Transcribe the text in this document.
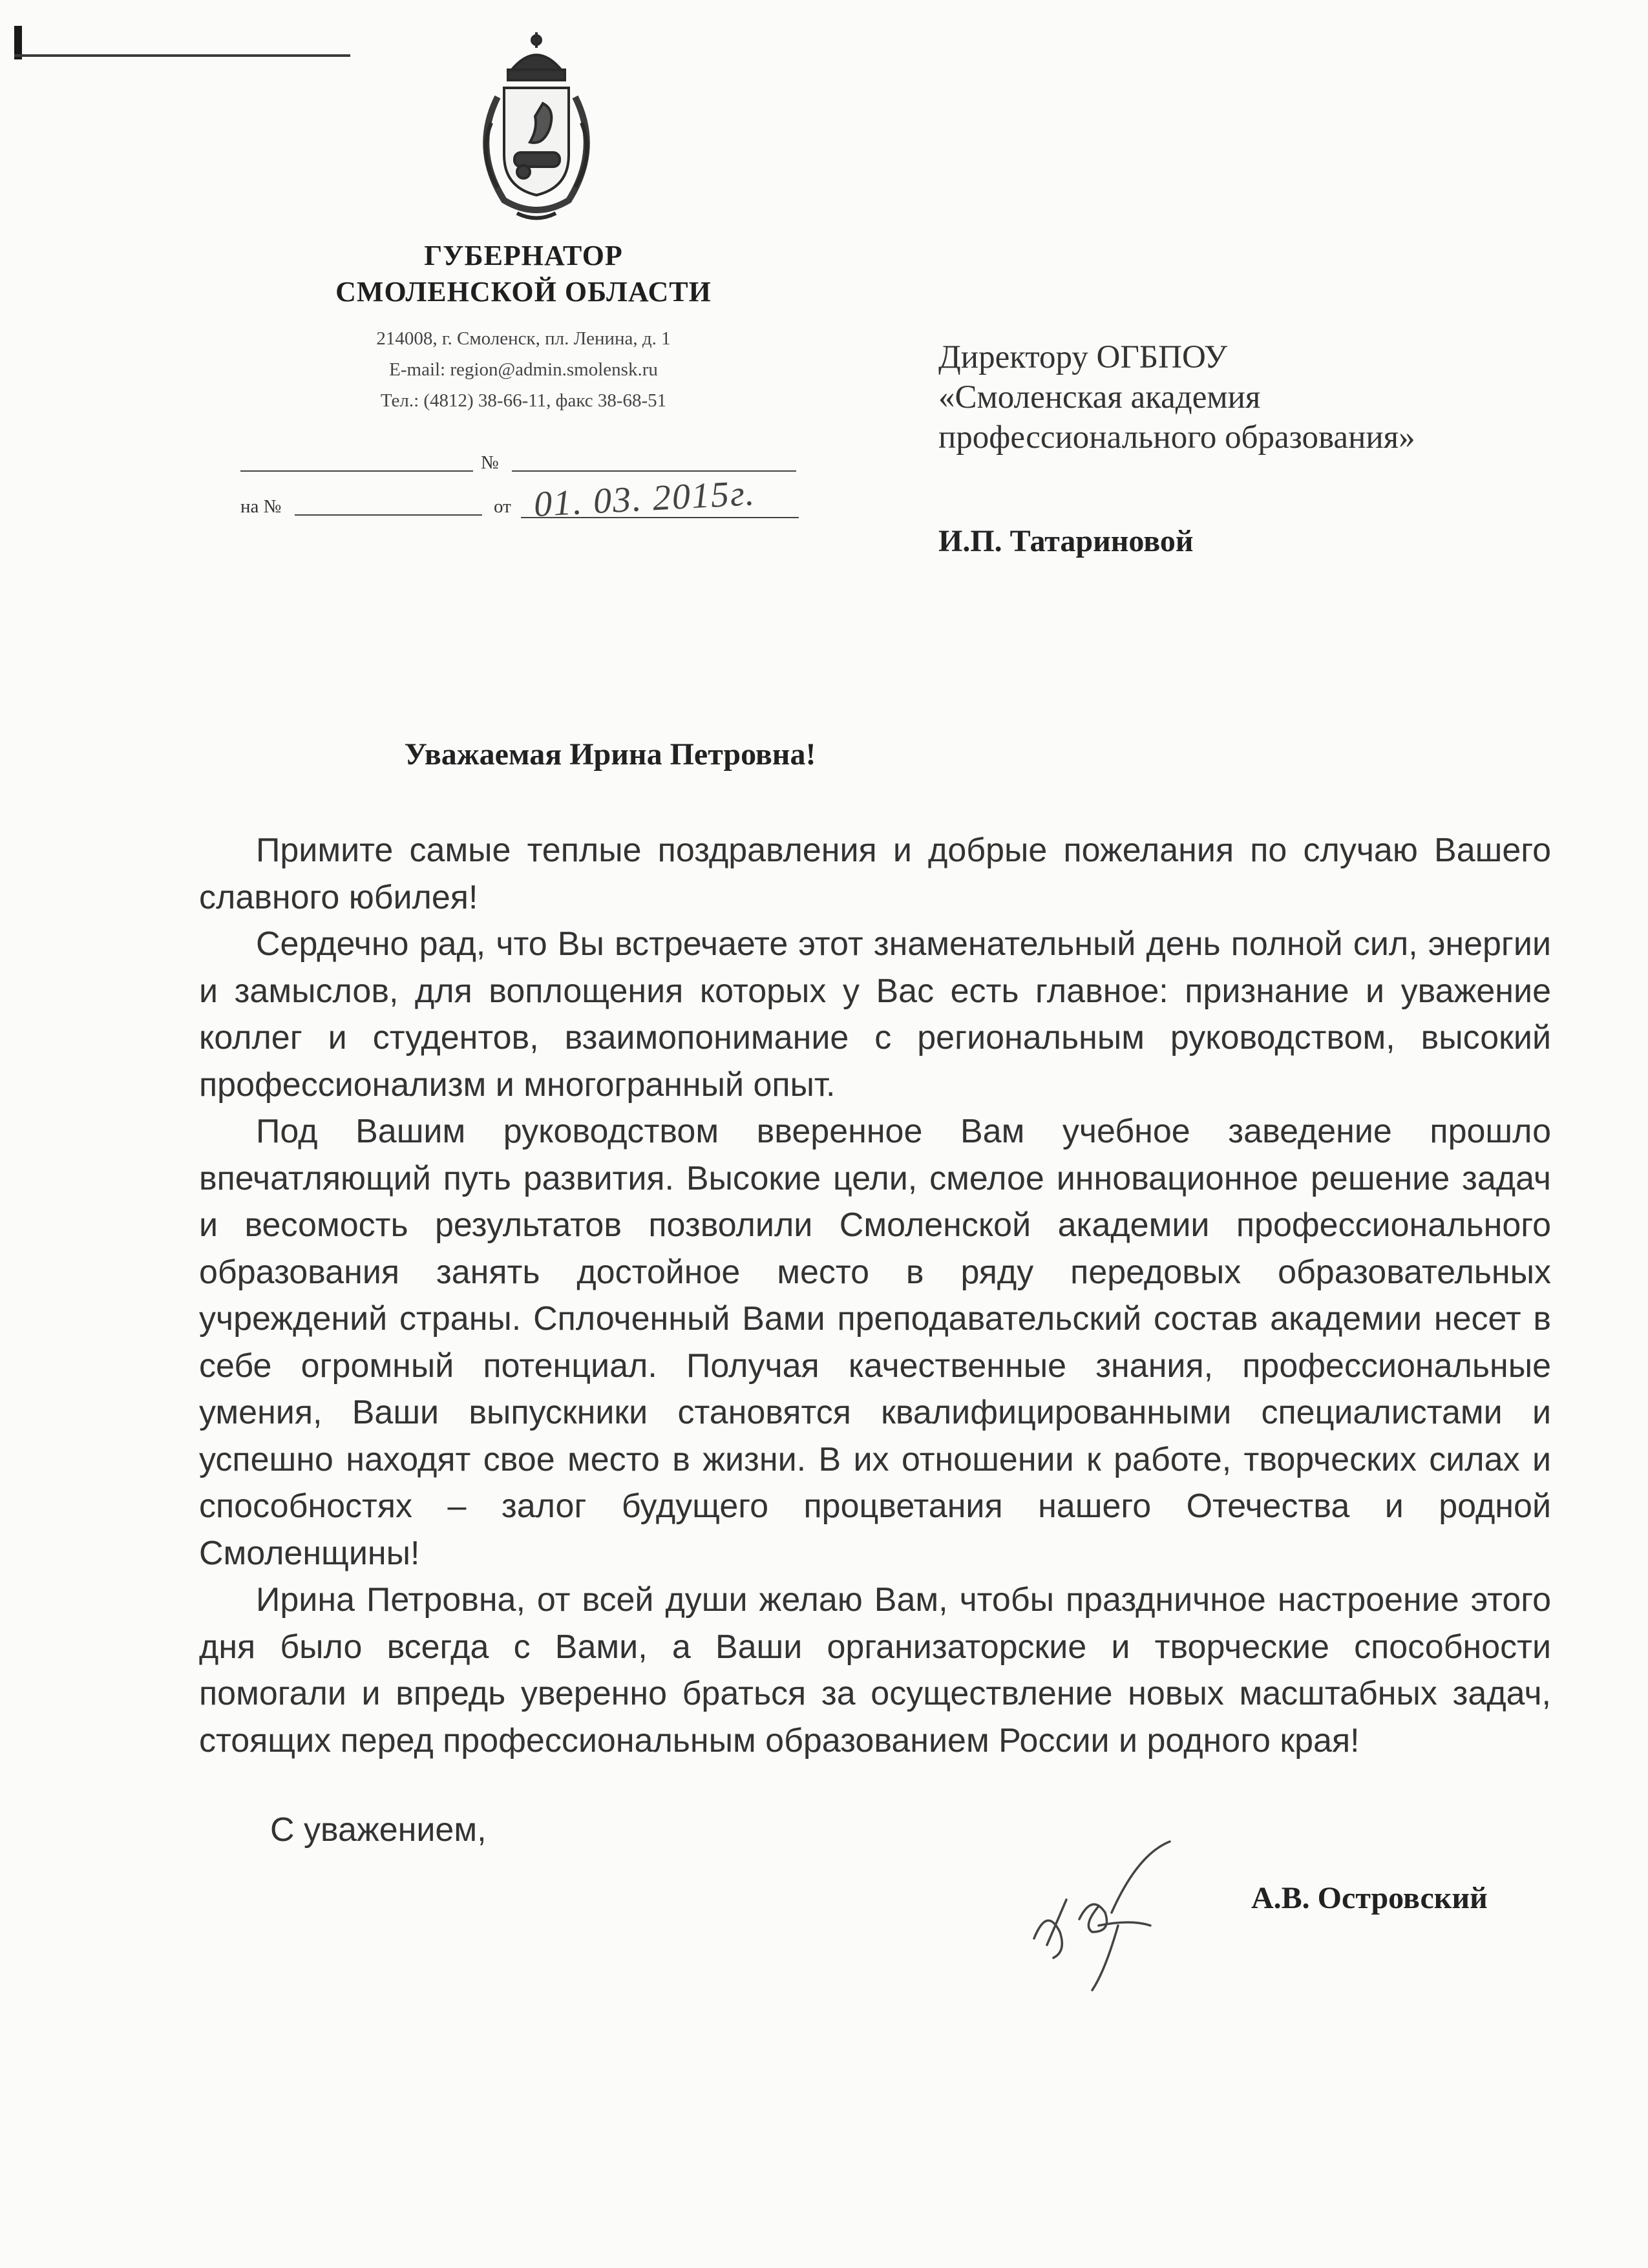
ГУБЕРНАТОР
СМОЛЕНСКОЙ ОБЛАСТИ
214008, г. Смоленск, пл. Ленина, д. 1
E-mail: region@admin.smolensk.ru
Тел.: (4812) 38-66-11, факс 38-68-51
№
на №	от 01. 03. 2015г.
Директору ОГБПОУ
«Смоленская академия
профессионального образования»
И.П. Татариновой
Уважаемая Ирина Петровна!

Примите самые теплые поздравления и добрые пожелания по случаю Вашего славного юбилея!

Сердечно рад, что Вы встречаете этот знаменательный день полной сил, энергии и замыслов, для воплощения которых у Вас есть главное: признание и уважение коллег и студентов, взаимопонимание с региональным руководством, высокий профессионализм и многогранный опыт.

Под Вашим руководством вверенное Вам учебное заведение прошло впечатляющий путь развития. Высокие цели, смелое инновационное решение задач и весомость результатов позволили Смоленской академии профессионального образования занять достойное место в ряду передовых образовательных учреждений страны. Сплоченный Вами преподавательский состав академии несет в себе огромный потенциал. Получая качественные знания, профессиональные умения, Ваши выпускники становятся квалифицированными специалистами и успешно находят свое место в жизни. В их отношении к работе, творческих силах и способностях – залог будущего процветания нашего Отечества и родной Смоленщины!

Ирина Петровна, от всей души желаю Вам, чтобы праздничное настроение этого дня было всегда с Вами, а Ваши организаторские и творческие способности помогали и впредь уверенно браться за осуществление новых масштабных задач, стоящих перед профессиональным образованием России и родного края!

С уважением,
А.В. Островский
